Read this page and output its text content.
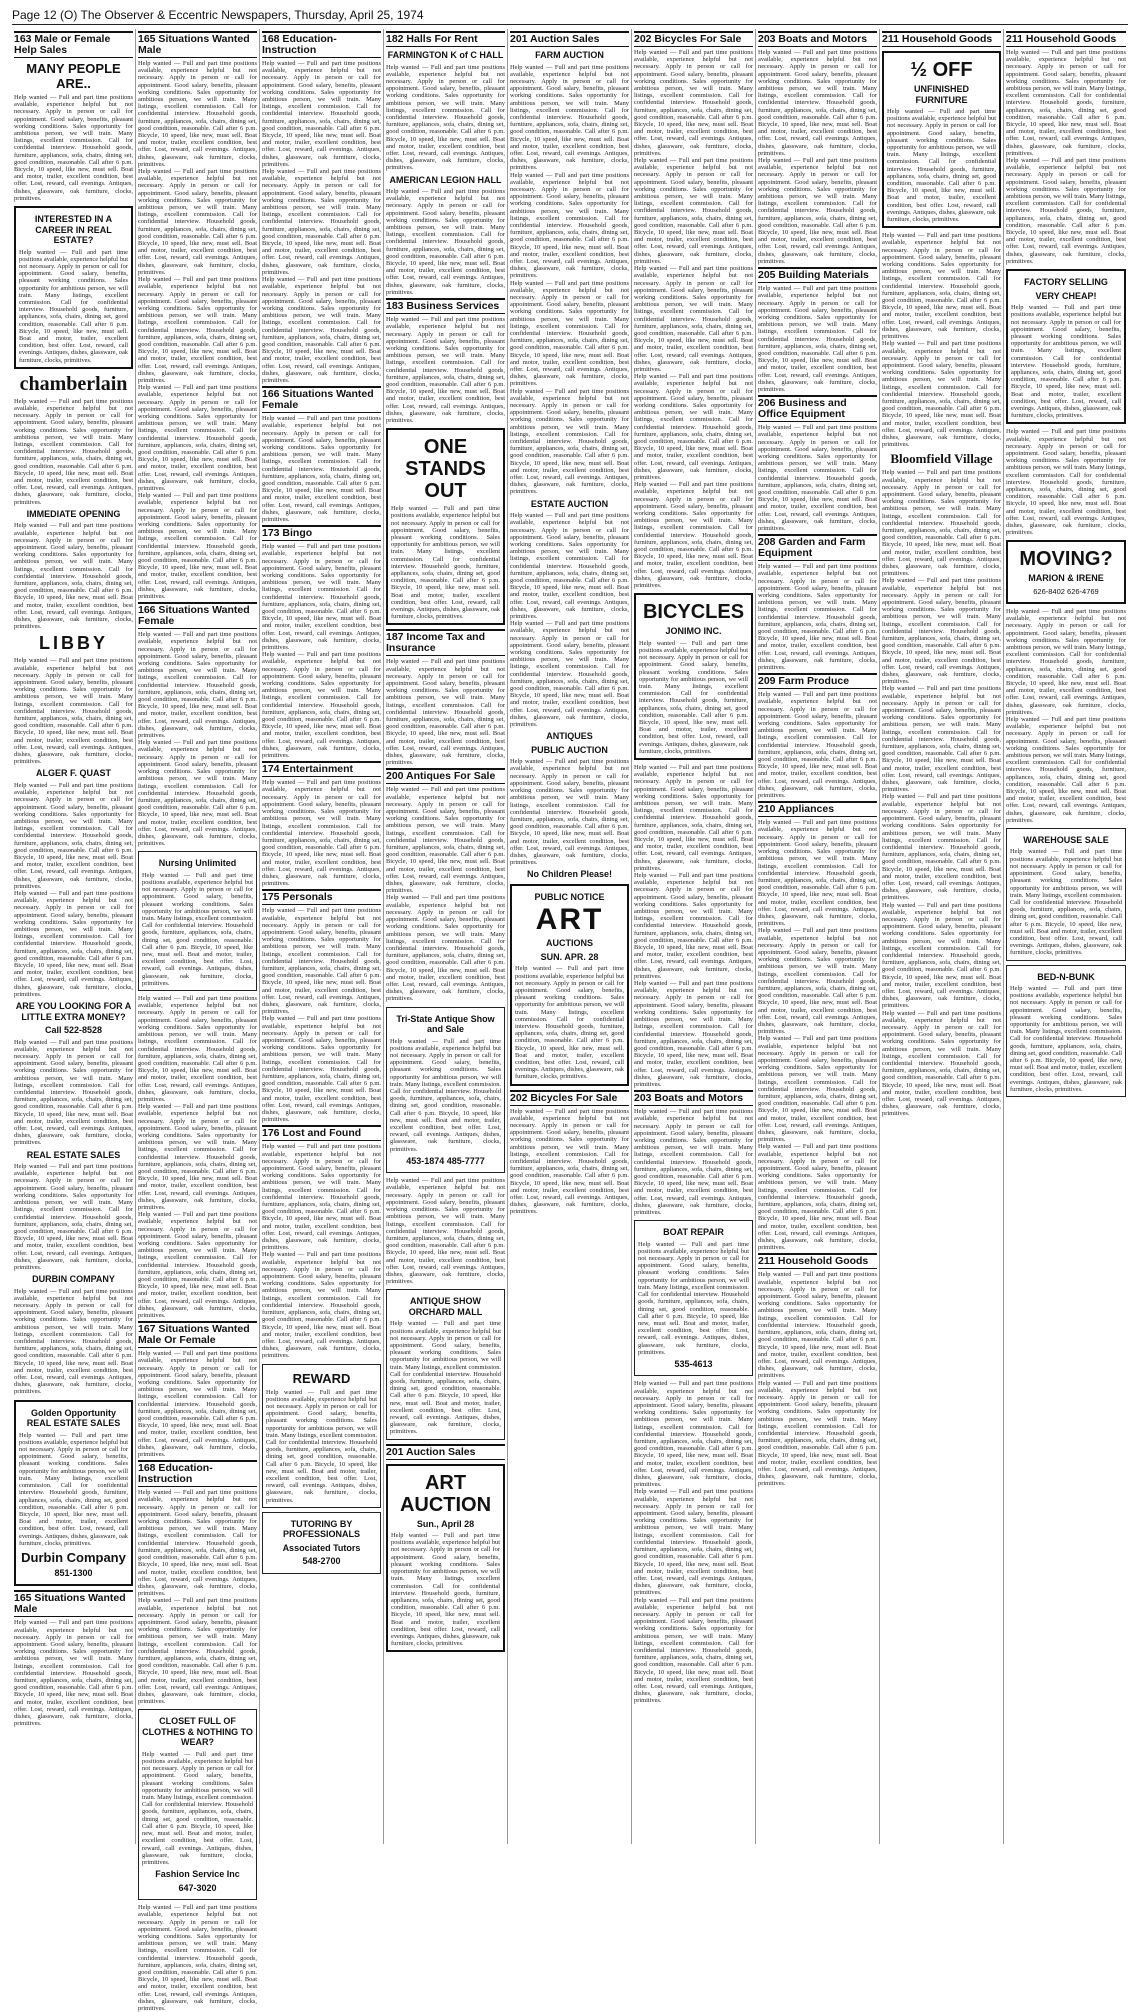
Page 12 (O) The Observer & Eccentric Newspapers, Thursday, April 25, 1974
163 Male or Female Help Sales
MANY PEOPLE ARE..
Help wanted — Full and part time positions available, experience helpful but not necessary. Apply in person or call for appointment. Good salary, benefits, pleasant working conditions. Sales opportunity for ambitious person, we will train. Many listings, excellent commission. Call for confidential interview. Household goods, furniture, appliances, sofa, chairs, dining set, good condition, reasonable. Call after 6 p.m. Bicycle, 10 speed, like new, must sell. Boat and motor, trailer, excellent condition, best offer. Lost, reward, call evenings. Antiques, dishes, glassware, oak furniture, clocks, primitives.
INTERESTED IN A CAREER IN REAL ESTATE?
Help wanted — Full and part time positions available, experience helpful but not necessary. Apply in person or call for appointment. Good salary, benefits, pleasant working conditions. Sales opportunity for ambitious person, we will train. Many listings, excellent commission. Call for confidential interview. Household goods, furniture, appliances, sofa, chairs, dining set, good condition, reasonable. Call after 6 p.m. Bicycle, 10 speed, like new, must sell. Boat and motor, trailer, excellent condition, best offer. Lost, reward, call evenings. Antiques, dishes, glassware, oak furniture, clocks, primitives.
chamberlain
Help wanted — Full and part time positions available, experience helpful but not necessary. Apply in person or call for appointment. Good salary, benefits, pleasant working conditions. Sales opportunity for ambitious person, we will train. Many listings, excellent commission. Call for confidential interview. Household goods, furniture, appliances, sofa, chairs, dining set, good condition, reasonable. Call after 6 p.m. Bicycle, 10 speed, like new, must sell. Boat and motor, trailer, excellent condition, best offer. Lost, reward, call evenings. Antiques, dishes, glassware, oak furniture, clocks, primitives.
IMMEDIATE OPENING
Help wanted — Full and part time positions available, experience helpful but not necessary. Apply in person or call for appointment. Good salary, benefits, pleasant working conditions. Sales opportunity for ambitious person, we will train. Many listings, excellent commission. Call for confidential interview. Household goods, furniture, appliances, sofa, chairs, dining set, good condition, reasonable. Call after 6 p.m. Bicycle, 10 speed, like new, must sell. Boat and motor, trailer, excellent condition, best offer. Lost, reward, call evenings. Antiques, dishes, glassware, oak furniture, clocks, primitives.
LIBBY
Help wanted — Full and part time positions available, experience helpful but not necessary. Apply in person or call for appointment. Good salary, benefits, pleasant working conditions. Sales opportunity for ambitious person, we will train. Many listings, excellent commission. Call for confidential interview. Household goods, furniture, appliances, sofa, chairs, dining set, good condition, reasonable. Call after 6 p.m. Bicycle, 10 speed, like new, must sell. Boat and motor, trailer, excellent condition, best offer. Lost, reward, call evenings. Antiques, dishes, glassware, oak furniture, clocks, primitives.
ALGER F. QUAST
Help wanted — Full and part time positions available, experience helpful but not necessary. Apply in person or call for appointment. Good salary, benefits, pleasant working conditions. Sales opportunity for ambitious person, we will train. Many listings, excellent commission. Call for confidential interview. Household goods, furniture, appliances, sofa, chairs, dining set, good condition, reasonable. Call after 6 p.m. Bicycle, 10 speed, like new, must sell. Boat and motor, trailer, excellent condition, best offer. Lost, reward, call evenings. Antiques, dishes, glassware, oak furniture, clocks, primitives.
Help wanted — Full and part time positions available, experience helpful but not necessary. Apply in person or call for appointment. Good salary, benefits, pleasant working conditions. Sales opportunity for ambitious person, we will train. Many listings, excellent commission. Call for confidential interview. Household goods, furniture, appliances, sofa, chairs, dining set, good condition, reasonable. Call after 6 p.m. Bicycle, 10 speed, like new, must sell. Boat and motor, trailer, excellent condition, best offer. Lost, reward, call evenings. Antiques, dishes, glassware, oak furniture, clocks, primitives.
ARE YOU LOOKING FOR A LITTLE EXTRA MONEY?
Call 522-8528
Help wanted — Full and part time positions available, experience helpful but not necessary. Apply in person or call for appointment. Good salary, benefits, pleasant working conditions. Sales opportunity for ambitious person, we will train. Many listings, excellent commission. Call for confidential interview. Household goods, furniture, appliances, sofa, chairs, dining set, good condition, reasonable. Call after 6 p.m. Bicycle, 10 speed, like new, must sell. Boat and motor, trailer, excellent condition, best offer. Lost, reward, call evenings. Antiques, dishes, glassware, oak furniture, clocks, primitives.
REAL ESTATE SALES
Help wanted — Full and part time positions available, experience helpful but not necessary. Apply in person or call for appointment. Good salary, benefits, pleasant working conditions. Sales opportunity for ambitious person, we will train. Many listings, excellent commission. Call for confidential interview. Household goods, furniture, appliances, sofa, chairs, dining set, good condition, reasonable. Call after 6 p.m. Bicycle, 10 speed, like new, must sell. Boat and motor, trailer, excellent condition, best offer. Lost, reward, call evenings. Antiques, dishes, glassware, oak furniture, clocks, primitives.
DURBIN COMPANY
Help wanted — Full and part time positions available, experience helpful but not necessary. Apply in person or call for appointment. Good salary, benefits, pleasant working conditions. Sales opportunity for ambitious person, we will train. Many listings, excellent commission. Call for confidential interview. Household goods, furniture, appliances, sofa, chairs, dining set, good condition, reasonable. Call after 6 p.m. Bicycle, 10 speed, like new, must sell. Boat and motor, trailer, excellent condition, best offer. Lost, reward, call evenings. Antiques, dishes, glassware, oak furniture, clocks, primitives.
Golden Opportunity REAL ESTATE SALES
Help wanted — Full and part time positions available, experience helpful but not necessary. Apply in person or call for appointment. Good salary, benefits, pleasant working conditions. Sales opportunity for ambitious person, we will train. Many listings, excellent commission. Call for confidential interview. Household goods, furniture, appliances, sofa, chairs, dining set, good condition, reasonable. Call after 6 p.m. Bicycle, 10 speed, like new, must sell. Boat and motor, trailer, excellent condition, best offer. Lost, reward, call evenings. Antiques, dishes, glassware, oak furniture, clocks, primitives.
Durbin Company
851-1300
165 Situations Wanted Male
Help wanted — Full and part time positions available, experience helpful but not necessary. Apply in person or call for appointment. Good salary, benefits, pleasant working conditions. Sales opportunity for ambitious person, we will train. Many listings, excellent commission. Call for confidential interview. Household goods, furniture, appliances, sofa, chairs, dining set, good condition, reasonable. Call after 6 p.m. Bicycle, 10 speed, like new, must sell. Boat and motor, trailer, excellent condition, best offer. Lost, reward, call evenings. Antiques, dishes, glassware, oak furniture, clocks, primitives.
165 Situations Wanted Male
Help wanted — Full and part time positions available, experience helpful but not necessary. Apply in person or call for appointment. Good salary, benefits, pleasant working conditions. Sales opportunity for ambitious person, we will train. Many listings, excellent commission. Call for confidential interview. Household goods, furniture, appliances, sofa, chairs, dining set, good condition, reasonable. Call after 6 p.m. Bicycle, 10 speed, like new, must sell. Boat and motor, trailer, excellent condition, best offer. Lost, reward, call evenings. Antiques, dishes, glassware, oak furniture, clocks, primitives.
Help wanted — Full and part time positions available, experience helpful but not necessary. Apply in person or call for appointment. Good salary, benefits, pleasant working conditions. Sales opportunity for ambitious person, we will train. Many listings, excellent commission. Call for confidential interview. Household goods, furniture, appliances, sofa, chairs, dining set, good condition, reasonable. Call after 6 p.m. Bicycle, 10 speed, like new, must sell. Boat and motor, trailer, excellent condition, best offer. Lost, reward, call evenings. Antiques, dishes, glassware, oak furniture, clocks, primitives.
Help wanted — Full and part time positions available, experience helpful but not necessary. Apply in person or call for appointment. Good salary, benefits, pleasant working conditions. Sales opportunity for ambitious person, we will train. Many listings, excellent commission. Call for confidential interview. Household goods, furniture, appliances, sofa, chairs, dining set, good condition, reasonable. Call after 6 p.m. Bicycle, 10 speed, like new, must sell. Boat and motor, trailer, excellent condition, best offer. Lost, reward, call evenings. Antiques, dishes, glassware, oak furniture, clocks, primitives.
Help wanted — Full and part time positions available, experience helpful but not necessary. Apply in person or call for appointment. Good salary, benefits, pleasant working conditions. Sales opportunity for ambitious person, we will train. Many listings, excellent commission. Call for confidential interview. Household goods, furniture, appliances, sofa, chairs, dining set, good condition, reasonable. Call after 6 p.m. Bicycle, 10 speed, like new, must sell. Boat and motor, trailer, excellent condition, best offer. Lost, reward, call evenings. Antiques, dishes, glassware, oak furniture, clocks, primitives.
Help wanted — Full and part time positions available, experience helpful but not necessary. Apply in person or call for appointment. Good salary, benefits, pleasant working conditions. Sales opportunity for ambitious person, we will train. Many listings, excellent commission. Call for confidential interview. Household goods, furniture, appliances, sofa, chairs, dining set, good condition, reasonable. Call after 6 p.m. Bicycle, 10 speed, like new, must sell. Boat and motor, trailer, excellent condition, best offer. Lost, reward, call evenings. Antiques, dishes, glassware, oak furniture, clocks, primitives.
166 Situations Wanted Female
Help wanted — Full and part time positions available, experience helpful but not necessary. Apply in person or call for appointment. Good salary, benefits, pleasant working conditions. Sales opportunity for ambitious person, we will train. Many listings, excellent commission. Call for confidential interview. Household goods, furniture, appliances, sofa, chairs, dining set, good condition, reasonable. Call after 6 p.m. Bicycle, 10 speed, like new, must sell. Boat and motor, trailer, excellent condition, best offer. Lost, reward, call evenings. Antiques, dishes, glassware, oak furniture, clocks, primitives.
Help wanted — Full and part time positions available, experience helpful but not necessary. Apply in person or call for appointment. Good salary, benefits, pleasant working conditions. Sales opportunity for ambitious person, we will train. Many listings, excellent commission. Call for confidential interview. Household goods, furniture, appliances, sofa, chairs, dining set, good condition, reasonable. Call after 6 p.m. Bicycle, 10 speed, like new, must sell. Boat and motor, trailer, excellent condition, best offer. Lost, reward, call evenings. Antiques, dishes, glassware, oak furniture, clocks, primitives.
Nursing Unlimited
Help wanted — Full and part time positions available, experience helpful but not necessary. Apply in person or call for appointment. Good salary, benefits, pleasant working conditions. Sales opportunity for ambitious person, we will train. Many listings, excellent commission. Call for confidential interview. Household goods, furniture, appliances, sofa, chairs, dining set, good condition, reasonable. Call after 6 p.m. Bicycle, 10 speed, like new, must sell. Boat and motor, trailer, excellent condition, best offer. Lost, reward, call evenings. Antiques, dishes, glassware, oak furniture, clocks, primitives.
Help wanted — Full and part time positions available, experience helpful but not necessary. Apply in person or call for appointment. Good salary, benefits, pleasant working conditions. Sales opportunity for ambitious person, we will train. Many listings, excellent commission. Call for confidential interview. Household goods, furniture, appliances, sofa, chairs, dining set, good condition, reasonable. Call after 6 p.m. Bicycle, 10 speed, like new, must sell. Boat and motor, trailer, excellent condition, best offer. Lost, reward, call evenings. Antiques, dishes, glassware, oak furniture, clocks, primitives.
Help wanted — Full and part time positions available, experience helpful but not necessary. Apply in person or call for appointment. Good salary, benefits, pleasant working conditions. Sales opportunity for ambitious person, we will train. Many listings, excellent commission. Call for confidential interview. Household goods, furniture, appliances, sofa, chairs, dining set, good condition, reasonable. Call after 6 p.m. Bicycle, 10 speed, like new, must sell. Boat and motor, trailer, excellent condition, best offer. Lost, reward, call evenings. Antiques, dishes, glassware, oak furniture, clocks, primitives.
Help wanted — Full and part time positions available, experience helpful but not necessary. Apply in person or call for appointment. Good salary, benefits, pleasant working conditions. Sales opportunity for ambitious person, we will train. Many listings, excellent commission. Call for confidential interview. Household goods, furniture, appliances, sofa, chairs, dining set, good condition, reasonable. Call after 6 p.m. Bicycle, 10 speed, like new, must sell. Boat and motor, trailer, excellent condition, best offer. Lost, reward, call evenings. Antiques, dishes, glassware, oak furniture, clocks, primitives.
167 Situations Wanted Male Or Female
Help wanted — Full and part time positions available, experience helpful but not necessary. Apply in person or call for appointment. Good salary, benefits, pleasant working conditions. Sales opportunity for ambitious person, we will train. Many listings, excellent commission. Call for confidential interview. Household goods, furniture, appliances, sofa, chairs, dining set, good condition, reasonable. Call after 6 p.m. Bicycle, 10 speed, like new, must sell. Boat and motor, trailer, excellent condition, best offer. Lost, reward, call evenings. Antiques, dishes, glassware, oak furniture, clocks, primitives.
168 Education-Instruction
Help wanted — Full and part time positions available, experience helpful but not necessary. Apply in person or call for appointment. Good salary, benefits, pleasant working conditions. Sales opportunity for ambitious person, we will train. Many listings, excellent commission. Call for confidential interview. Household goods, furniture, appliances, sofa, chairs, dining set, good condition, reasonable. Call after 6 p.m. Bicycle, 10 speed, like new, must sell. Boat and motor, trailer, excellent condition, best offer. Lost, reward, call evenings. Antiques, dishes, glassware, oak furniture, clocks, primitives.
Help wanted — Full and part time positions available, experience helpful but not necessary. Apply in person or call for appointment. Good salary, benefits, pleasant working conditions. Sales opportunity for ambitious person, we will train. Many listings, excellent commission. Call for confidential interview. Household goods, furniture, appliances, sofa, chairs, dining set, good condition, reasonable. Call after 6 p.m. Bicycle, 10 speed, like new, must sell. Boat and motor, trailer, excellent condition, best offer. Lost, reward, call evenings. Antiques, dishes, glassware, oak furniture, clocks, primitives.
CLOSET FULL OF CLOTHES & NOTHING TO WEAR?
Help wanted — Full and part time positions available, experience helpful but not necessary. Apply in person or call for appointment. Good salary, benefits, pleasant working conditions. Sales opportunity for ambitious person, we will train. Many listings, excellent commission. Call for confidential interview. Household goods, furniture, appliances, sofa, chairs, dining set, good condition, reasonable. Call after 6 p.m. Bicycle, 10 speed, like new, must sell. Boat and motor, trailer, excellent condition, best offer. Lost, reward, call evenings. Antiques, dishes, glassware, oak furniture, clocks, primitives.
Fashion Service Inc
647-3020
Help wanted — Full and part time positions available, experience helpful but not necessary. Apply in person or call for appointment. Good salary, benefits, pleasant working conditions. Sales opportunity for ambitious person, we will train. Many listings, excellent commission. Call for confidential interview. Household goods, furniture, appliances, sofa, chairs, dining set, good condition, reasonable. Call after 6 p.m. Bicycle, 10 speed, like new, must sell. Boat and motor, trailer, excellent condition, best offer. Lost, reward, call evenings. Antiques, dishes, glassware, oak furniture, clocks, primitives.
168 Education-Instruction
Help wanted — Full and part time positions available, experience helpful but not necessary. Apply in person or call for appointment. Good salary, benefits, pleasant working conditions. Sales opportunity for ambitious person, we will train. Many listings, excellent commission. Call for confidential interview. Household goods, furniture, appliances, sofa, chairs, dining set, good condition, reasonable. Call after 6 p.m. Bicycle, 10 speed, like new, must sell. Boat and motor, trailer, excellent condition, best offer. Lost, reward, call evenings. Antiques, dishes, glassware, oak furniture, clocks, primitives.
Help wanted — Full and part time positions available, experience helpful but not necessary. Apply in person or call for appointment. Good salary, benefits, pleasant working conditions. Sales opportunity for ambitious person, we will train. Many listings, excellent commission. Call for confidential interview. Household goods, furniture, appliances, sofa, chairs, dining set, good condition, reasonable. Call after 6 p.m. Bicycle, 10 speed, like new, must sell. Boat and motor, trailer, excellent condition, best offer. Lost, reward, call evenings. Antiques, dishes, glassware, oak furniture, clocks, primitives.
Help wanted — Full and part time positions available, experience helpful but not necessary. Apply in person or call for appointment. Good salary, benefits, pleasant working conditions. Sales opportunity for ambitious person, we will train. Many listings, excellent commission. Call for confidential interview. Household goods, furniture, appliances, sofa, chairs, dining set, good condition, reasonable. Call after 6 p.m. Bicycle, 10 speed, like new, must sell. Boat and motor, trailer, excellent condition, best offer. Lost, reward, call evenings. Antiques, dishes, glassware, oak furniture, clocks, primitives.
166 Situations Wanted Female
Help wanted — Full and part time positions available, experience helpful but not necessary. Apply in person or call for appointment. Good salary, benefits, pleasant working conditions. Sales opportunity for ambitious person, we will train. Many listings, excellent commission. Call for confidential interview. Household goods, furniture, appliances, sofa, chairs, dining set, good condition, reasonable. Call after 6 p.m. Bicycle, 10 speed, like new, must sell. Boat and motor, trailer, excellent condition, best offer. Lost, reward, call evenings. Antiques, dishes, glassware, oak furniture, clocks, primitives.
173 Bingo
Help wanted — Full and part time positions available, experience helpful but not necessary. Apply in person or call for appointment. Good salary, benefits, pleasant working conditions. Sales opportunity for ambitious person, we will train. Many listings, excellent commission. Call for confidential interview. Household goods, furniture, appliances, sofa, chairs, dining set, good condition, reasonable. Call after 6 p.m. Bicycle, 10 speed, like new, must sell. Boat and motor, trailer, excellent condition, best offer. Lost, reward, call evenings. Antiques, dishes, glassware, oak furniture, clocks, primitives.
Help wanted — Full and part time positions available, experience helpful but not necessary. Apply in person or call for appointment. Good salary, benefits, pleasant working conditions. Sales opportunity for ambitious person, we will train. Many listings, excellent commission. Call for confidential interview. Household goods, furniture, appliances, sofa, chairs, dining set, good condition, reasonable. Call after 6 p.m. Bicycle, 10 speed, like new, must sell. Boat and motor, trailer, excellent condition, best offer. Lost, reward, call evenings. Antiques, dishes, glassware, oak furniture, clocks, primitives.
174 Entertainment
Help wanted — Full and part time positions available, experience helpful but not necessary. Apply in person or call for appointment. Good salary, benefits, pleasant working conditions. Sales opportunity for ambitious person, we will train. Many listings, excellent commission. Call for confidential interview. Household goods, furniture, appliances, sofa, chairs, dining set, good condition, reasonable. Call after 6 p.m. Bicycle, 10 speed, like new, must sell. Boat and motor, trailer, excellent condition, best offer. Lost, reward, call evenings. Antiques, dishes, glassware, oak furniture, clocks, primitives.
175 Personals
Help wanted — Full and part time positions available, experience helpful but not necessary. Apply in person or call for appointment. Good salary, benefits, pleasant working conditions. Sales opportunity for ambitious person, we will train. Many listings, excellent commission. Call for confidential interview. Household goods, furniture, appliances, sofa, chairs, dining set, good condition, reasonable. Call after 6 p.m. Bicycle, 10 speed, like new, must sell. Boat and motor, trailer, excellent condition, best offer. Lost, reward, call evenings. Antiques, dishes, glassware, oak furniture, clocks, primitives.
Help wanted — Full and part time positions available, experience helpful but not necessary. Apply in person or call for appointment. Good salary, benefits, pleasant working conditions. Sales opportunity for ambitious person, we will train. Many listings, excellent commission. Call for confidential interview. Household goods, furniture, appliances, sofa, chairs, dining set, good condition, reasonable. Call after 6 p.m. Bicycle, 10 speed, like new, must sell. Boat and motor, trailer, excellent condition, best offer. Lost, reward, call evenings. Antiques, dishes, glassware, oak furniture, clocks, primitives.
176 Lost and Found
Help wanted — Full and part time positions available, experience helpful but not necessary. Apply in person or call for appointment. Good salary, benefits, pleasant working conditions. Sales opportunity for ambitious person, we will train. Many listings, excellent commission. Call for confidential interview. Household goods, furniture, appliances, sofa, chairs, dining set, good condition, reasonable. Call after 6 p.m. Bicycle, 10 speed, like new, must sell. Boat and motor, trailer, excellent condition, best offer. Lost, reward, call evenings. Antiques, dishes, glassware, oak furniture, clocks, primitives.
Help wanted — Full and part time positions available, experience helpful but not necessary. Apply in person or call for appointment. Good salary, benefits, pleasant working conditions. Sales opportunity for ambitious person, we will train. Many listings, excellent commission. Call for confidential interview. Household goods, furniture, appliances, sofa, chairs, dining set, good condition, reasonable. Call after 6 p.m. Bicycle, 10 speed, like new, must sell. Boat and motor, trailer, excellent condition, best offer. Lost, reward, call evenings. Antiques, dishes, glassware, oak furniture, clocks, primitives.
REWARD
Help wanted — Full and part time positions available, experience helpful but not necessary. Apply in person or call for appointment. Good salary, benefits, pleasant working conditions. Sales opportunity for ambitious person, we will train. Many listings, excellent commission. Call for confidential interview. Household goods, furniture, appliances, sofa, chairs, dining set, good condition, reasonable. Call after 6 p.m. Bicycle, 10 speed, like new, must sell. Boat and motor, trailer, excellent condition, best offer. Lost, reward, call evenings. Antiques, dishes, glassware, oak furniture, clocks, primitives.
TUTORING BY PROFESSIONALS
Associated Tutors
548-2700
182 Halls For Rent
FARMINGTON K of C HALL
Help wanted — Full and part time positions available, experience helpful but not necessary. Apply in person or call for appointment. Good salary, benefits, pleasant working conditions. Sales opportunity for ambitious person, we will train. Many listings, excellent commission. Call for confidential interview. Household goods, furniture, appliances, sofa, chairs, dining set, good condition, reasonable. Call after 6 p.m. Bicycle, 10 speed, like new, must sell. Boat and motor, trailer, excellent condition, best offer. Lost, reward, call evenings. Antiques, dishes, glassware, oak furniture, clocks, primitives.
AMERICAN LEGION HALL
Help wanted — Full and part time positions available, experience helpful but not necessary. Apply in person or call for appointment. Good salary, benefits, pleasant working conditions. Sales opportunity for ambitious person, we will train. Many listings, excellent commission. Call for confidential interview. Household goods, furniture, appliances, sofa, chairs, dining set, good condition, reasonable. Call after 6 p.m. Bicycle, 10 speed, like new, must sell. Boat and motor, trailer, excellent condition, best offer. Lost, reward, call evenings. Antiques, dishes, glassware, oak furniture, clocks, primitives.
183 Business Services
Help wanted — Full and part time positions available, experience helpful but not necessary. Apply in person or call for appointment. Good salary, benefits, pleasant working conditions. Sales opportunity for ambitious person, we will train. Many listings, excellent commission. Call for confidential interview. Household goods, furniture, appliances, sofa, chairs, dining set, good condition, reasonable. Call after 6 p.m. Bicycle, 10 speed, like new, must sell. Boat and motor, trailer, excellent condition, best offer. Lost, reward, call evenings. Antiques, dishes, glassware, oak furniture, clocks, primitives.
ONE STANDS OUT
Help wanted — Full and part time positions available, experience helpful but not necessary. Apply in person or call for appointment. Good salary, benefits, pleasant working conditions. Sales opportunity for ambitious person, we will train. Many listings, excellent commission. Call for confidential interview. Household goods, furniture, appliances, sofa, chairs, dining set, good condition, reasonable. Call after 6 p.m. Bicycle, 10 speed, like new, must sell. Boat and motor, trailer, excellent condition, best offer. Lost, reward, call evenings. Antiques, dishes, glassware, oak furniture, clocks, primitives.
187 Income Tax and Insurance
Help wanted — Full and part time positions available, experience helpful but not necessary. Apply in person or call for appointment. Good salary, benefits, pleasant working conditions. Sales opportunity for ambitious person, we will train. Many listings, excellent commission. Call for confidential interview. Household goods, furniture, appliances, sofa, chairs, dining set, good condition, reasonable. Call after 6 p.m. Bicycle, 10 speed, like new, must sell. Boat and motor, trailer, excellent condition, best offer. Lost, reward, call evenings. Antiques, dishes, glassware, oak furniture, clocks, primitives.
200 Antiques For Sale
Help wanted — Full and part time positions available, experience helpful but not necessary. Apply in person or call for appointment. Good salary, benefits, pleasant working conditions. Sales opportunity for ambitious person, we will train. Many listings, excellent commission. Call for confidential interview. Household goods, furniture, appliances, sofa, chairs, dining set, good condition, reasonable. Call after 6 p.m. Bicycle, 10 speed, like new, must sell. Boat and motor, trailer, excellent condition, best offer. Lost, reward, call evenings. Antiques, dishes, glassware, oak furniture, clocks, primitives.
Help wanted — Full and part time positions available, experience helpful but not necessary. Apply in person or call for appointment. Good salary, benefits, pleasant working conditions. Sales opportunity for ambitious person, we will train. Many listings, excellent commission. Call for confidential interview. Household goods, furniture, appliances, sofa, chairs, dining set, good condition, reasonable. Call after 6 p.m. Bicycle, 10 speed, like new, must sell. Boat and motor, trailer, excellent condition, best offer. Lost, reward, call evenings. Antiques, dishes, glassware, oak furniture, clocks, primitives.
Tri-State Antique Show and Sale
Help wanted — Full and part time positions available, experience helpful but not necessary. Apply in person or call for appointment. Good salary, benefits, pleasant working conditions. Sales opportunity for ambitious person, we will train. Many listings, excellent commission. Call for confidential interview. Household goods, furniture, appliances, sofa, chairs, dining set, good condition, reasonable. Call after 6 p.m. Bicycle, 10 speed, like new, must sell. Boat and motor, trailer, excellent condition, best offer. Lost, reward, call evenings. Antiques, dishes, glassware, oak furniture, clocks, primitives.
453-1874 485-7777
Help wanted — Full and part time positions available, experience helpful but not necessary. Apply in person or call for appointment. Good salary, benefits, pleasant working conditions. Sales opportunity for ambitious person, we will train. Many listings, excellent commission. Call for confidential interview. Household goods, furniture, appliances, sofa, chairs, dining set, good condition, reasonable. Call after 6 p.m. Bicycle, 10 speed, like new, must sell. Boat and motor, trailer, excellent condition, best offer. Lost, reward, call evenings. Antiques, dishes, glassware, oak furniture, clocks, primitives.
ANTIQUE SHOW ORCHARD MALL
Help wanted — Full and part time positions available, experience helpful but not necessary. Apply in person or call for appointment. Good salary, benefits, pleasant working conditions. Sales opportunity for ambitious person, we will train. Many listings, excellent commission. Call for confidential interview. Household goods, furniture, appliances, sofa, chairs, dining set, good condition, reasonable. Call after 6 p.m. Bicycle, 10 speed, like new, must sell. Boat and motor, trailer, excellent condition, best offer. Lost, reward, call evenings. Antiques, dishes, glassware, oak furniture, clocks, primitives.
201 Auction Sales
ART AUCTION
Sun., April 28
Help wanted — Full and part time positions available, experience helpful but not necessary. Apply in person or call for appointment. Good salary, benefits, pleasant working conditions. Sales opportunity for ambitious person, we will train. Many listings, excellent commission. Call for confidential interview. Household goods, furniture, appliances, sofa, chairs, dining set, good condition, reasonable. Call after 6 p.m. Bicycle, 10 speed, like new, must sell. Boat and motor, trailer, excellent condition, best offer. Lost, reward, call evenings. Antiques, dishes, glassware, oak furniture, clocks, primitives.
201 Auction Sales
FARM AUCTION
Help wanted — Full and part time positions available, experience helpful but not necessary. Apply in person or call for appointment. Good salary, benefits, pleasant working conditions. Sales opportunity for ambitious person, we will train. Many listings, excellent commission. Call for confidential interview. Household goods, furniture, appliances, sofa, chairs, dining set, good condition, reasonable. Call after 6 p.m. Bicycle, 10 speed, like new, must sell. Boat and motor, trailer, excellent condition, best offer. Lost, reward, call evenings. Antiques, dishes, glassware, oak furniture, clocks, primitives.
Help wanted — Full and part time positions available, experience helpful but not necessary. Apply in person or call for appointment. Good salary, benefits, pleasant working conditions. Sales opportunity for ambitious person, we will train. Many listings, excellent commission. Call for confidential interview. Household goods, furniture, appliances, sofa, chairs, dining set, good condition, reasonable. Call after 6 p.m. Bicycle, 10 speed, like new, must sell. Boat and motor, trailer, excellent condition, best offer. Lost, reward, call evenings. Antiques, dishes, glassware, oak furniture, clocks, primitives.
Help wanted — Full and part time positions available, experience helpful but not necessary. Apply in person or call for appointment. Good salary, benefits, pleasant working conditions. Sales opportunity for ambitious person, we will train. Many listings, excellent commission. Call for confidential interview. Household goods, furniture, appliances, sofa, chairs, dining set, good condition, reasonable. Call after 6 p.m. Bicycle, 10 speed, like new, must sell. Boat and motor, trailer, excellent condition, best offer. Lost, reward, call evenings. Antiques, dishes, glassware, oak furniture, clocks, primitives.
Help wanted — Full and part time positions available, experience helpful but not necessary. Apply in person or call for appointment. Good salary, benefits, pleasant working conditions. Sales opportunity for ambitious person, we will train. Many listings, excellent commission. Call for confidential interview. Household goods, furniture, appliances, sofa, chairs, dining set, good condition, reasonable. Call after 6 p.m. Bicycle, 10 speed, like new, must sell. Boat and motor, trailer, excellent condition, best offer. Lost, reward, call evenings. Antiques, dishes, glassware, oak furniture, clocks, primitives.
ESTATE AUCTION
Help wanted — Full and part time positions available, experience helpful but not necessary. Apply in person or call for appointment. Good salary, benefits, pleasant working conditions. Sales opportunity for ambitious person, we will train. Many listings, excellent commission. Call for confidential interview. Household goods, furniture, appliances, sofa, chairs, dining set, good condition, reasonable. Call after 6 p.m. Bicycle, 10 speed, like new, must sell. Boat and motor, trailer, excellent condition, best offer. Lost, reward, call evenings. Antiques, dishes, glassware, oak furniture, clocks, primitives.
Help wanted — Full and part time positions available, experience helpful but not necessary. Apply in person or call for appointment. Good salary, benefits, pleasant working conditions. Sales opportunity for ambitious person, we will train. Many listings, excellent commission. Call for confidential interview. Household goods, furniture, appliances, sofa, chairs, dining set, good condition, reasonable. Call after 6 p.m. Bicycle, 10 speed, like new, must sell. Boat and motor, trailer, excellent condition, best offer. Lost, reward, call evenings. Antiques, dishes, glassware, oak furniture, clocks, primitives.
ANTIQUES
PUBLIC AUCTION
Help wanted — Full and part time positions available, experience helpful but not necessary. Apply in person or call for appointment. Good salary, benefits, pleasant working conditions. Sales opportunity for ambitious person, we will train. Many listings, excellent commission. Call for confidential interview. Household goods, furniture, appliances, sofa, chairs, dining set, good condition, reasonable. Call after 6 p.m. Bicycle, 10 speed, like new, must sell. Boat and motor, trailer, excellent condition, best offer. Lost, reward, call evenings. Antiques, dishes, glassware, oak furniture, clocks, primitives.
No Children Please!
PUBLIC NOTICE
ART
AUCTIONS
SUN. APR. 28
Help wanted — Full and part time positions available, experience helpful but not necessary. Apply in person or call for appointment. Good salary, benefits, pleasant working conditions. Sales opportunity for ambitious person, we will train. Many listings, excellent commission. Call for confidential interview. Household goods, furniture, appliances, sofa, chairs, dining set, good condition, reasonable. Call after 6 p.m. Bicycle, 10 speed, like new, must sell. Boat and motor, trailer, excellent condition, best offer. Lost, reward, call evenings. Antiques, dishes, glassware, oak furniture, clocks, primitives.
202 Bicycles For Sale
Help wanted — Full and part time positions available, experience helpful but not necessary. Apply in person or call for appointment. Good salary, benefits, pleasant working conditions. Sales opportunity for ambitious person, we will train. Many listings, excellent commission. Call for confidential interview. Household goods, furniture, appliances, sofa, chairs, dining set, good condition, reasonable. Call after 6 p.m. Bicycle, 10 speed, like new, must sell. Boat and motor, trailer, excellent condition, best offer. Lost, reward, call evenings. Antiques, dishes, glassware, oak furniture, clocks, primitives.
202 Bicycles For Sale
Help wanted — Full and part time positions available, experience helpful but not necessary. Apply in person or call for appointment. Good salary, benefits, pleasant working conditions. Sales opportunity for ambitious person, we will train. Many listings, excellent commission. Call for confidential interview. Household goods, furniture, appliances, sofa, chairs, dining set, good condition, reasonable. Call after 6 p.m. Bicycle, 10 speed, like new, must sell. Boat and motor, trailer, excellent condition, best offer. Lost, reward, call evenings. Antiques, dishes, glassware, oak furniture, clocks, primitives.
Help wanted — Full and part time positions available, experience helpful but not necessary. Apply in person or call for appointment. Good salary, benefits, pleasant working conditions. Sales opportunity for ambitious person, we will train. Many listings, excellent commission. Call for confidential interview. Household goods, furniture, appliances, sofa, chairs, dining set, good condition, reasonable. Call after 6 p.m. Bicycle, 10 speed, like new, must sell. Boat and motor, trailer, excellent condition, best offer. Lost, reward, call evenings. Antiques, dishes, glassware, oak furniture, clocks, primitives.
Help wanted — Full and part time positions available, experience helpful but not necessary. Apply in person or call for appointment. Good salary, benefits, pleasant working conditions. Sales opportunity for ambitious person, we will train. Many listings, excellent commission. Call for confidential interview. Household goods, furniture, appliances, sofa, chairs, dining set, good condition, reasonable. Call after 6 p.m. Bicycle, 10 speed, like new, must sell. Boat and motor, trailer, excellent condition, best offer. Lost, reward, call evenings. Antiques, dishes, glassware, oak furniture, clocks, primitives.
Help wanted — Full and part time positions available, experience helpful but not necessary. Apply in person or call for appointment. Good salary, benefits, pleasant working conditions. Sales opportunity for ambitious person, we will train. Many listings, excellent commission. Call for confidential interview. Household goods, furniture, appliances, sofa, chairs, dining set, good condition, reasonable. Call after 6 p.m. Bicycle, 10 speed, like new, must sell. Boat and motor, trailer, excellent condition, best offer. Lost, reward, call evenings. Antiques, dishes, glassware, oak furniture, clocks, primitives.
Help wanted — Full and part time positions available, experience helpful but not necessary. Apply in person or call for appointment. Good salary, benefits, pleasant working conditions. Sales opportunity for ambitious person, we will train. Many listings, excellent commission. Call for confidential interview. Household goods, furniture, appliances, sofa, chairs, dining set, good condition, reasonable. Call after 6 p.m. Bicycle, 10 speed, like new, must sell. Boat and motor, trailer, excellent condition, best offer. Lost, reward, call evenings. Antiques, dishes, glassware, oak furniture, clocks, primitives.
BICYCLES
JONIMO INC.
Help wanted — Full and part time positions available, experience helpful but not necessary. Apply in person or call for appointment. Good salary, benefits, pleasant working conditions. Sales opportunity for ambitious person, we will train. Many listings, excellent commission. Call for confidential interview. Household goods, furniture, appliances, sofa, chairs, dining set, good condition, reasonable. Call after 6 p.m. Bicycle, 10 speed, like new, must sell. Boat and motor, trailer, excellent condition, best offer. Lost, reward, call evenings. Antiques, dishes, glassware, oak furniture, clocks, primitives.
Help wanted — Full and part time positions available, experience helpful but not necessary. Apply in person or call for appointment. Good salary, benefits, pleasant working conditions. Sales opportunity for ambitious person, we will train. Many listings, excellent commission. Call for confidential interview. Household goods, furniture, appliances, sofa, chairs, dining set, good condition, reasonable. Call after 6 p.m. Bicycle, 10 speed, like new, must sell. Boat and motor, trailer, excellent condition, best offer. Lost, reward, call evenings. Antiques, dishes, glassware, oak furniture, clocks, primitives.
Help wanted — Full and part time positions available, experience helpful but not necessary. Apply in person or call for appointment. Good salary, benefits, pleasant working conditions. Sales opportunity for ambitious person, we will train. Many listings, excellent commission. Call for confidential interview. Household goods, furniture, appliances, sofa, chairs, dining set, good condition, reasonable. Call after 6 p.m. Bicycle, 10 speed, like new, must sell. Boat and motor, trailer, excellent condition, best offer. Lost, reward, call evenings. Antiques, dishes, glassware, oak furniture, clocks, primitives.
Help wanted — Full and part time positions available, experience helpful but not necessary. Apply in person or call for appointment. Good salary, benefits, pleasant working conditions. Sales opportunity for ambitious person, we will train. Many listings, excellent commission. Call for confidential interview. Household goods, furniture, appliances, sofa, chairs, dining set, good condition, reasonable. Call after 6 p.m. Bicycle, 10 speed, like new, must sell. Boat and motor, trailer, excellent condition, best offer. Lost, reward, call evenings. Antiques, dishes, glassware, oak furniture, clocks, primitives.
203 Boats and Motors
Help wanted — Full and part time positions available, experience helpful but not necessary. Apply in person or call for appointment. Good salary, benefits, pleasant working conditions. Sales opportunity for ambitious person, we will train. Many listings, excellent commission. Call for confidential interview. Household goods, furniture, appliances, sofa, chairs, dining set, good condition, reasonable. Call after 6 p.m. Bicycle, 10 speed, like new, must sell. Boat and motor, trailer, excellent condition, best offer. Lost, reward, call evenings. Antiques, dishes, glassware, oak furniture, clocks, primitives.
BOAT REPAIR
Help wanted — Full and part time positions available, experience helpful but not necessary. Apply in person or call for appointment. Good salary, benefits, pleasant working conditions. Sales opportunity for ambitious person, we will train. Many listings, excellent commission. Call for confidential interview. Household goods, furniture, appliances, sofa, chairs, dining set, good condition, reasonable. Call after 6 p.m. Bicycle, 10 speed, like new, must sell. Boat and motor, trailer, excellent condition, best offer. Lost, reward, call evenings. Antiques, dishes, glassware, oak furniture, clocks, primitives.
535-4613
Help wanted — Full and part time positions available, experience helpful but not necessary. Apply in person or call for appointment. Good salary, benefits, pleasant working conditions. Sales opportunity for ambitious person, we will train. Many listings, excellent commission. Call for confidential interview. Household goods, furniture, appliances, sofa, chairs, dining set, good condition, reasonable. Call after 6 p.m. Bicycle, 10 speed, like new, must sell. Boat and motor, trailer, excellent condition, best offer. Lost, reward, call evenings. Antiques, dishes, glassware, oak furniture, clocks, primitives.
Help wanted — Full and part time positions available, experience helpful but not necessary. Apply in person or call for appointment. Good salary, benefits, pleasant working conditions. Sales opportunity for ambitious person, we will train. Many listings, excellent commission. Call for confidential interview. Household goods, furniture, appliances, sofa, chairs, dining set, good condition, reasonable. Call after 6 p.m. Bicycle, 10 speed, like new, must sell. Boat and motor, trailer, excellent condition, best offer. Lost, reward, call evenings. Antiques, dishes, glassware, oak furniture, clocks, primitives.
Help wanted — Full and part time positions available, experience helpful but not necessary. Apply in person or call for appointment. Good salary, benefits, pleasant working conditions. Sales opportunity for ambitious person, we will train. Many listings, excellent commission. Call for confidential interview. Household goods, furniture, appliances, sofa, chairs, dining set, good condition, reasonable. Call after 6 p.m. Bicycle, 10 speed, like new, must sell. Boat and motor, trailer, excellent condition, best offer. Lost, reward, call evenings. Antiques, dishes, glassware, oak furniture, clocks, primitives.
203 Boats and Motors
Help wanted — Full and part time positions available, experience helpful but not necessary. Apply in person or call for appointment. Good salary, benefits, pleasant working conditions. Sales opportunity for ambitious person, we will train. Many listings, excellent commission. Call for confidential interview. Household goods, furniture, appliances, sofa, chairs, dining set, good condition, reasonable. Call after 6 p.m. Bicycle, 10 speed, like new, must sell. Boat and motor, trailer, excellent condition, best offer. Lost, reward, call evenings. Antiques, dishes, glassware, oak furniture, clocks, primitives.
Help wanted — Full and part time positions available, experience helpful but not necessary. Apply in person or call for appointment. Good salary, benefits, pleasant working conditions. Sales opportunity for ambitious person, we will train. Many listings, excellent commission. Call for confidential interview. Household goods, furniture, appliances, sofa, chairs, dining set, good condition, reasonable. Call after 6 p.m. Bicycle, 10 speed, like new, must sell. Boat and motor, trailer, excellent condition, best offer. Lost, reward, call evenings. Antiques, dishes, glassware, oak furniture, clocks, primitives.
205 Building Materials
Help wanted — Full and part time positions available, experience helpful but not necessary. Apply in person or call for appointment. Good salary, benefits, pleasant working conditions. Sales opportunity for ambitious person, we will train. Many listings, excellent commission. Call for confidential interview. Household goods, furniture, appliances, sofa, chairs, dining set, good condition, reasonable. Call after 6 p.m. Bicycle, 10 speed, like new, must sell. Boat and motor, trailer, excellent condition, best offer. Lost, reward, call evenings. Antiques, dishes, glassware, oak furniture, clocks, primitives.
206 Business and Office Equipment
Help wanted — Full and part time positions available, experience helpful but not necessary. Apply in person or call for appointment. Good salary, benefits, pleasant working conditions. Sales opportunity for ambitious person, we will train. Many listings, excellent commission. Call for confidential interview. Household goods, furniture, appliances, sofa, chairs, dining set, good condition, reasonable. Call after 6 p.m. Bicycle, 10 speed, like new, must sell. Boat and motor, trailer, excellent condition, best offer. Lost, reward, call evenings. Antiques, dishes, glassware, oak furniture, clocks, primitives.
208 Garden and Farm Equipment
Help wanted — Full and part time positions available, experience helpful but not necessary. Apply in person or call for appointment. Good salary, benefits, pleasant working conditions. Sales opportunity for ambitious person, we will train. Many listings, excellent commission. Call for confidential interview. Household goods, furniture, appliances, sofa, chairs, dining set, good condition, reasonable. Call after 6 p.m. Bicycle, 10 speed, like new, must sell. Boat and motor, trailer, excellent condition, best offer. Lost, reward, call evenings. Antiques, dishes, glassware, oak furniture, clocks, primitives.
209 Farm Produce
Help wanted — Full and part time positions available, experience helpful but not necessary. Apply in person or call for appointment. Good salary, benefits, pleasant working conditions. Sales opportunity for ambitious person, we will train. Many listings, excellent commission. Call for confidential interview. Household goods, furniture, appliances, sofa, chairs, dining set, good condition, reasonable. Call after 6 p.m. Bicycle, 10 speed, like new, must sell. Boat and motor, trailer, excellent condition, best offer. Lost, reward, call evenings. Antiques, dishes, glassware, oak furniture, clocks, primitives.
210 Appliances
Help wanted — Full and part time positions available, experience helpful but not necessary. Apply in person or call for appointment. Good salary, benefits, pleasant working conditions. Sales opportunity for ambitious person, we will train. Many listings, excellent commission. Call for confidential interview. Household goods, furniture, appliances, sofa, chairs, dining set, good condition, reasonable. Call after 6 p.m. Bicycle, 10 speed, like new, must sell. Boat and motor, trailer, excellent condition, best offer. Lost, reward, call evenings. Antiques, dishes, glassware, oak furniture, clocks, primitives.
Help wanted — Full and part time positions available, experience helpful but not necessary. Apply in person or call for appointment. Good salary, benefits, pleasant working conditions. Sales opportunity for ambitious person, we will train. Many listings, excellent commission. Call for confidential interview. Household goods, furniture, appliances, sofa, chairs, dining set, good condition, reasonable. Call after 6 p.m. Bicycle, 10 speed, like new, must sell. Boat and motor, trailer, excellent condition, best offer. Lost, reward, call evenings. Antiques, dishes, glassware, oak furniture, clocks, primitives.
Help wanted — Full and part time positions available, experience helpful but not necessary. Apply in person or call for appointment. Good salary, benefits, pleasant working conditions. Sales opportunity for ambitious person, we will train. Many listings, excellent commission. Call for confidential interview. Household goods, furniture, appliances, sofa, chairs, dining set, good condition, reasonable. Call after 6 p.m. Bicycle, 10 speed, like new, must sell. Boat and motor, trailer, excellent condition, best offer. Lost, reward, call evenings. Antiques, dishes, glassware, oak furniture, clocks, primitives.
Help wanted — Full and part time positions available, experience helpful but not necessary. Apply in person or call for appointment. Good salary, benefits, pleasant working conditions. Sales opportunity for ambitious person, we will train. Many listings, excellent commission. Call for confidential interview. Household goods, furniture, appliances, sofa, chairs, dining set, good condition, reasonable. Call after 6 p.m. Bicycle, 10 speed, like new, must sell. Boat and motor, trailer, excellent condition, best offer. Lost, reward, call evenings. Antiques, dishes, glassware, oak furniture, clocks, primitives.
211 Household Goods
Help wanted — Full and part time positions available, experience helpful but not necessary. Apply in person or call for appointment. Good salary, benefits, pleasant working conditions. Sales opportunity for ambitious person, we will train. Many listings, excellent commission. Call for confidential interview. Household goods, furniture, appliances, sofa, chairs, dining set, good condition, reasonable. Call after 6 p.m. Bicycle, 10 speed, like new, must sell. Boat and motor, trailer, excellent condition, best offer. Lost, reward, call evenings. Antiques, dishes, glassware, oak furniture, clocks, primitives.
Help wanted — Full and part time positions available, experience helpful but not necessary. Apply in person or call for appointment. Good salary, benefits, pleasant working conditions. Sales opportunity for ambitious person, we will train. Many listings, excellent commission. Call for confidential interview. Household goods, furniture, appliances, sofa, chairs, dining set, good condition, reasonable. Call after 6 p.m. Bicycle, 10 speed, like new, must sell. Boat and motor, trailer, excellent condition, best offer. Lost, reward, call evenings. Antiques, dishes, glassware, oak furniture, clocks, primitives.
211 Household Goods
½ OFF
UNFINISHED FURNITURE
Help wanted — Full and part time positions available, experience helpful but not necessary. Apply in person or call for appointment. Good salary, benefits, pleasant working conditions. Sales opportunity for ambitious person, we will train. Many listings, excellent commission. Call for confidential interview. Household goods, furniture, appliances, sofa, chairs, dining set, good condition, reasonable. Call after 6 p.m. Bicycle, 10 speed, like new, must sell. Boat and motor, trailer, excellent condition, best offer. Lost, reward, call evenings. Antiques, dishes, glassware, oak furniture, clocks, primitives.
Help wanted — Full and part time positions available, experience helpful but not necessary. Apply in person or call for appointment. Good salary, benefits, pleasant working conditions. Sales opportunity for ambitious person, we will train. Many listings, excellent commission. Call for confidential interview. Household goods, furniture, appliances, sofa, chairs, dining set, good condition, reasonable. Call after 6 p.m. Bicycle, 10 speed, like new, must sell. Boat and motor, trailer, excellent condition, best offer. Lost, reward, call evenings. Antiques, dishes, glassware, oak furniture, clocks, primitives.
Help wanted — Full and part time positions available, experience helpful but not necessary. Apply in person or call for appointment. Good salary, benefits, pleasant working conditions. Sales opportunity for ambitious person, we will train. Many listings, excellent commission. Call for confidential interview. Household goods, furniture, appliances, sofa, chairs, dining set, good condition, reasonable. Call after 6 p.m. Bicycle, 10 speed, like new, must sell. Boat and motor, trailer, excellent condition, best offer. Lost, reward, call evenings. Antiques, dishes, glassware, oak furniture, clocks, primitives.
Bloomfield Village
Help wanted — Full and part time positions available, experience helpful but not necessary. Apply in person or call for appointment. Good salary, benefits, pleasant working conditions. Sales opportunity for ambitious person, we will train. Many listings, excellent commission. Call for confidential interview. Household goods, furniture, appliances, sofa, chairs, dining set, good condition, reasonable. Call after 6 p.m. Bicycle, 10 speed, like new, must sell. Boat and motor, trailer, excellent condition, best offer. Lost, reward, call evenings. Antiques, dishes, glassware, oak furniture, clocks, primitives.
Help wanted — Full and part time positions available, experience helpful but not necessary. Apply in person or call for appointment. Good salary, benefits, pleasant working conditions. Sales opportunity for ambitious person, we will train. Many listings, excellent commission. Call for confidential interview. Household goods, furniture, appliances, sofa, chairs, dining set, good condition, reasonable. Call after 6 p.m. Bicycle, 10 speed, like new, must sell. Boat and motor, trailer, excellent condition, best offer. Lost, reward, call evenings. Antiques, dishes, glassware, oak furniture, clocks, primitives.
Help wanted — Full and part time positions available, experience helpful but not necessary. Apply in person or call for appointment. Good salary, benefits, pleasant working conditions. Sales opportunity for ambitious person, we will train. Many listings, excellent commission. Call for confidential interview. Household goods, furniture, appliances, sofa, chairs, dining set, good condition, reasonable. Call after 6 p.m. Bicycle, 10 speed, like new, must sell. Boat and motor, trailer, excellent condition, best offer. Lost, reward, call evenings. Antiques, dishes, glassware, oak furniture, clocks, primitives.
Help wanted — Full and part time positions available, experience helpful but not necessary. Apply in person or call for appointment. Good salary, benefits, pleasant working conditions. Sales opportunity for ambitious person, we will train. Many listings, excellent commission. Call for confidential interview. Household goods, furniture, appliances, sofa, chairs, dining set, good condition, reasonable. Call after 6 p.m. Bicycle, 10 speed, like new, must sell. Boat and motor, trailer, excellent condition, best offer. Lost, reward, call evenings. Antiques, dishes, glassware, oak furniture, clocks, primitives.
Help wanted — Full and part time positions available, experience helpful but not necessary. Apply in person or call for appointment. Good salary, benefits, pleasant working conditions. Sales opportunity for ambitious person, we will train. Many listings, excellent commission. Call for confidential interview. Household goods, furniture, appliances, sofa, chairs, dining set, good condition, reasonable. Call after 6 p.m. Bicycle, 10 speed, like new, must sell. Boat and motor, trailer, excellent condition, best offer. Lost, reward, call evenings. Antiques, dishes, glassware, oak furniture, clocks, primitives.
Help wanted — Full and part time positions available, experience helpful but not necessary. Apply in person or call for appointment. Good salary, benefits, pleasant working conditions. Sales opportunity for ambitious person, we will train. Many listings, excellent commission. Call for confidential interview. Household goods, furniture, appliances, sofa, chairs, dining set, good condition, reasonable. Call after 6 p.m. Bicycle, 10 speed, like new, must sell. Boat and motor, trailer, excellent condition, best offer. Lost, reward, call evenings. Antiques, dishes, glassware, oak furniture, clocks, primitives.
211 Household Goods
Help wanted — Full and part time positions available, experience helpful but not necessary. Apply in person or call for appointment. Good salary, benefits, pleasant working conditions. Sales opportunity for ambitious person, we will train. Many listings, excellent commission. Call for confidential interview. Household goods, furniture, appliances, sofa, chairs, dining set, good condition, reasonable. Call after 6 p.m. Bicycle, 10 speed, like new, must sell. Boat and motor, trailer, excellent condition, best offer. Lost, reward, call evenings. Antiques, dishes, glassware, oak furniture, clocks, primitives.
Help wanted — Full and part time positions available, experience helpful but not necessary. Apply in person or call for appointment. Good salary, benefits, pleasant working conditions. Sales opportunity for ambitious person, we will train. Many listings, excellent commission. Call for confidential interview. Household goods, furniture, appliances, sofa, chairs, dining set, good condition, reasonable. Call after 6 p.m. Bicycle, 10 speed, like new, must sell. Boat and motor, trailer, excellent condition, best offer. Lost, reward, call evenings. Antiques, dishes, glassware, oak furniture, clocks, primitives.
FACTORY SELLING
VERY CHEAP!
Help wanted — Full and part time positions available, experience helpful but not necessary. Apply in person or call for appointment. Good salary, benefits, pleasant working conditions. Sales opportunity for ambitious person, we will train. Many listings, excellent commission. Call for confidential interview. Household goods, furniture, appliances, sofa, chairs, dining set, good condition, reasonable. Call after 6 p.m. Bicycle, 10 speed, like new, must sell. Boat and motor, trailer, excellent condition, best offer. Lost, reward, call evenings. Antiques, dishes, glassware, oak furniture, clocks, primitives.
Help wanted — Full and part time positions available, experience helpful but not necessary. Apply in person or call for appointment. Good salary, benefits, pleasant working conditions. Sales opportunity for ambitious person, we will train. Many listings, excellent commission. Call for confidential interview. Household goods, furniture, appliances, sofa, chairs, dining set, good condition, reasonable. Call after 6 p.m. Bicycle, 10 speed, like new, must sell. Boat and motor, trailer, excellent condition, best offer. Lost, reward, call evenings. Antiques, dishes, glassware, oak furniture, clocks, primitives.
MOVING?
MARION & IRENE
626-8402 626-4769
Help wanted — Full and part time positions available, experience helpful but not necessary. Apply in person or call for appointment. Good salary, benefits, pleasant working conditions. Sales opportunity for ambitious person, we will train. Many listings, excellent commission. Call for confidential interview. Household goods, furniture, appliances, sofa, chairs, dining set, good condition, reasonable. Call after 6 p.m. Bicycle, 10 speed, like new, must sell. Boat and motor, trailer, excellent condition, best offer. Lost, reward, call evenings. Antiques, dishes, glassware, oak furniture, clocks, primitives.
Help wanted — Full and part time positions available, experience helpful but not necessary. Apply in person or call for appointment. Good salary, benefits, pleasant working conditions. Sales opportunity for ambitious person, we will train. Many listings, excellent commission. Call for confidential interview. Household goods, furniture, appliances, sofa, chairs, dining set, good condition, reasonable. Call after 6 p.m. Bicycle, 10 speed, like new, must sell. Boat and motor, trailer, excellent condition, best offer. Lost, reward, call evenings. Antiques, dishes, glassware, oak furniture, clocks, primitives.
WAREHOUSE SALE
Help wanted — Full and part time positions available, experience helpful but not necessary. Apply in person or call for appointment. Good salary, benefits, pleasant working conditions. Sales opportunity for ambitious person, we will train. Many listings, excellent commission. Call for confidential interview. Household goods, furniture, appliances, sofa, chairs, dining set, good condition, reasonable. Call after 6 p.m. Bicycle, 10 speed, like new, must sell. Boat and motor, trailer, excellent condition, best offer. Lost, reward, call evenings. Antiques, dishes, glassware, oak furniture, clocks, primitives.
BED-N-BUNK
Help wanted — Full and part time positions available, experience helpful but not necessary. Apply in person or call for appointment. Good salary, benefits, pleasant working conditions. Sales opportunity for ambitious person, we will train. Many listings, excellent commission. Call for confidential interview. Household goods, furniture, appliances, sofa, chairs, dining set, good condition, reasonable. Call after 6 p.m. Bicycle, 10 speed, like new, must sell. Boat and motor, trailer, excellent condition, best offer. Lost, reward, call evenings. Antiques, dishes, glassware, oak furniture, clocks, primitives.
